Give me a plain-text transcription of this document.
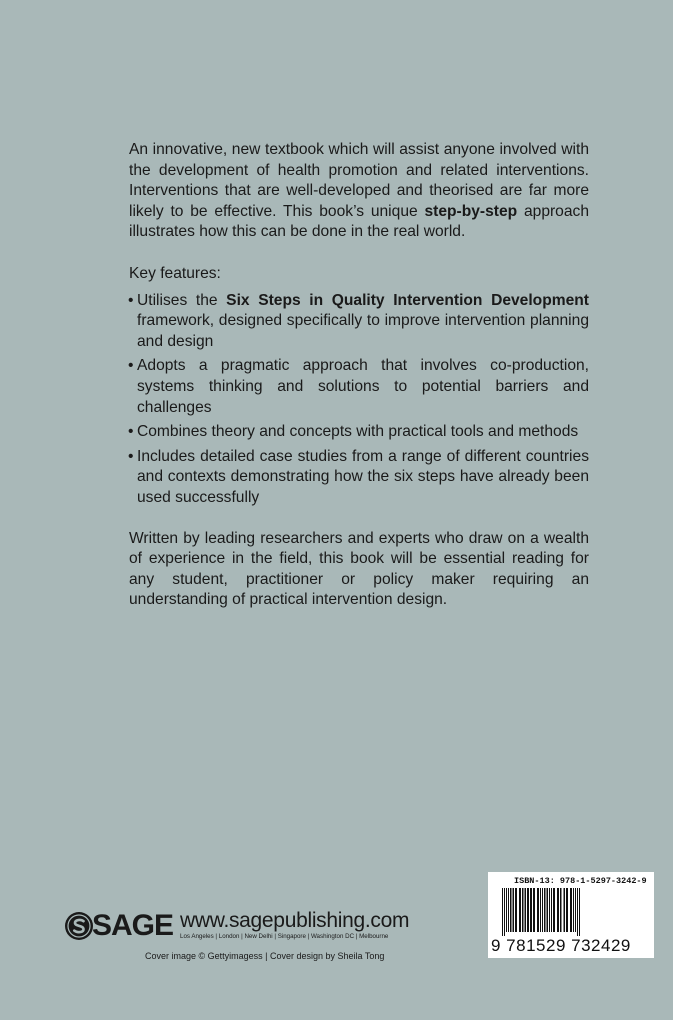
An innovative, new textbook which will assist anyone involved with the development of health promotion and related interventions. Interventions that are well-developed and theorised are far more likely to be effective. This book’s unique step-by-step approach illustrates how this can be done in the real world.

Key features:

• Utilises the Six Steps in Quality Intervention Development framework, designed specifically to improve intervention planning and design
• Adopts a pragmatic approach that involves co-production, systems thinking and solutions to potential barriers and challenges
• Combines theory and concepts with practical tools and methods
• Includes detailed case studies from a range of different countries and contexts demonstrating how the six steps have already been used successfully

Written by leading researchers and experts who draw on a wealth of experience in the field, this book will be essential reading for any student, practitioner or policy maker requiring an understanding of practical intervention design.

SAGE www.sagepublishing.com
Los Angeles | London | New Delhi | Singapore | Washington DC | Melbourne
Cover image © Gettyimagess | Cover design by Sheila Tong
ISBN-13: 978-1-5297-3242-9
9 781529 732429
